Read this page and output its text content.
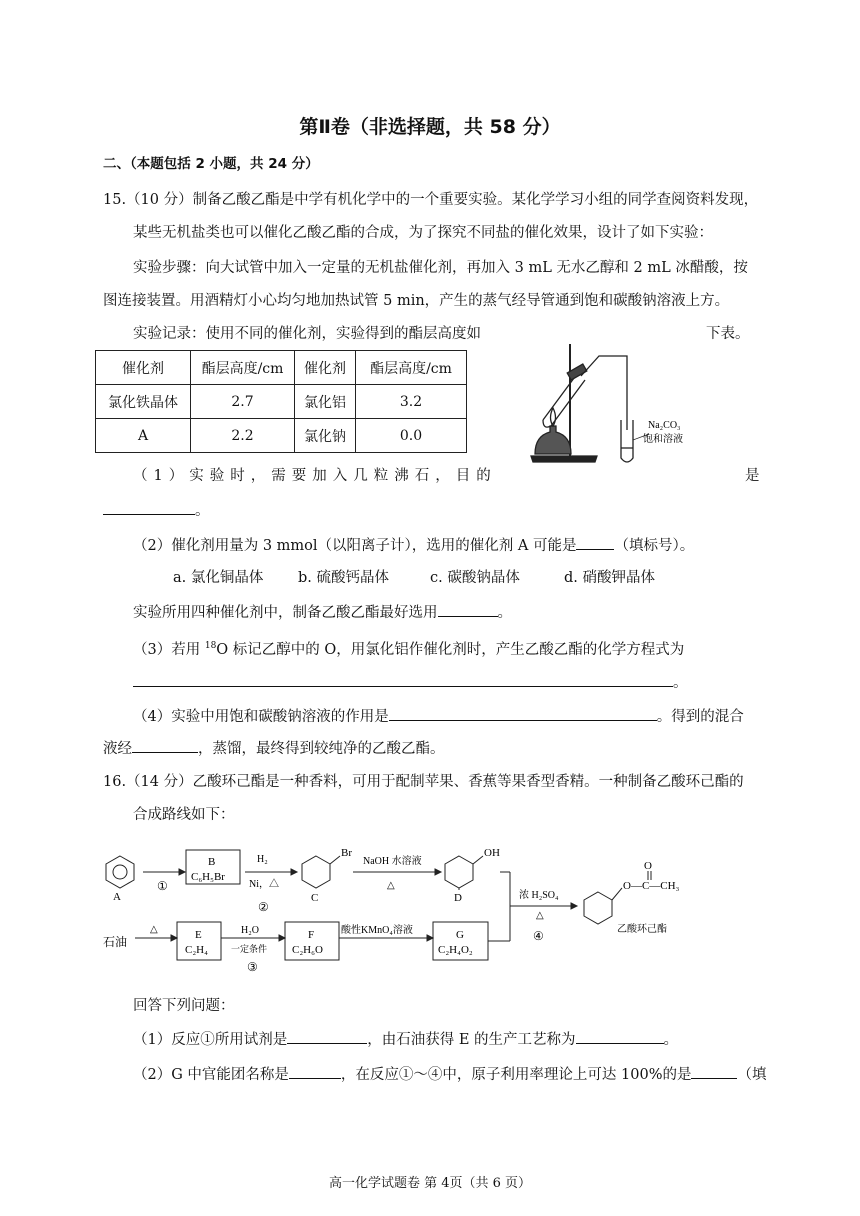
第Ⅱ卷（非选择题，共 58 分）
二、（本题包括 2 小题，共 24 分）
15.（10 分）制备乙酸乙酯是中学有机化学中的一个重要实验。某化学学习小组的同学查阅资料发现，
某些无机盐类也可以催化乙酸乙酯的合成，为了探究不同盐的催化效果，设计了如下实验：
实验步骤：向大试管中加入一定量的无机盐催化剂，再加入 3 mL 无水乙醇和 2 mL 冰醋酸，按
图连接装置。用酒精灯小心均匀地加热试管 5 min，产生的蒸气经导管通到饱和碳酸钠溶液上方。
实验记录：使用不同的催化剂，实验得到的酯层高度如	下表。
催化剂	酯层高度/cm	催化剂	酯层高度/cm
氯化铁晶体	2.7	氯化铝	3.2
A	2.2	氯化钠	0.0
Na₂CO₃
饱和溶液
（1）实验时，需要加入几粒沸石，目的	是
。
（2）催化剂用量为 3 mmol（以阳离子计），选用的催化剂 A 可能是	（填标号）。
a. 氯化铜晶体 b. 硫酸钙晶体	c. 碳酸钠晶体	d. 硝酸钾晶体
实验所用四种催化剂中，制备乙酸乙酯最好选用	。
（3）若用 $^{18}$O 标记乙醇中的 O，用氯化铝作催化剂时，产生乙酸乙酯的化学方程式为
。
（4）实验中用饱和碳酸钠溶液的作用是	。得到的混合
液经	，蒸馏，最终得到较纯净的乙酸乙酯。
16.（14 分）乙酸环己酯是一种香料，可用于配制苹果、香蕉等果香型香精。一种制备乙酸环己酯的
合成路线如下：
A
①
B
C₆H₅Br
H₂
Ni，△
②
Br
C
NaOH 水溶液
△
OH
D	浓 H₂SO₄
△
④
O
O—C—CH₃
乙酸环己酯
石油
△	E
C₂H₄
H₂O
一定条件
③
F
C₂H₆O
酸性KMnO₄溶液	G
C₂H₄O₂
回答下列问题：
（1）反应①所用试剂是	，由石油获得 E 的生产工艺称为	。
（2）G 中官能团名称是	，在反应①～④中，原子利用率理论上可达 100%的是	（填
高一化学试题卷 第 4页（共 6 页）
